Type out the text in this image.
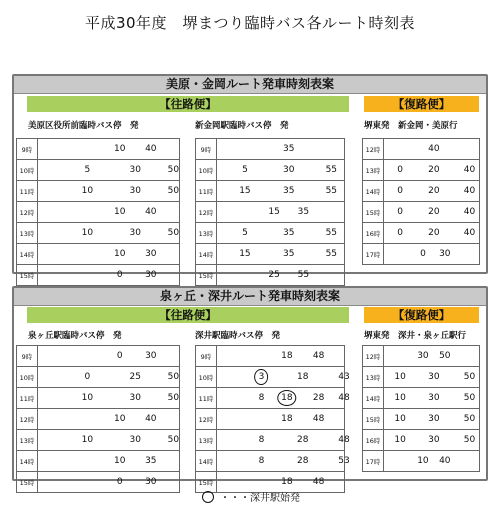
平成30年度　堺まつり臨時バス各ルート時刻表
美原・金岡ルート発車時刻表案
【往路便】	【復路便】
美原区役所前臨時バス停　発	新金岡駅臨時バス停　発	堺東発　新金岡・美原行
9時	10 40

10時	5 30 50

11時	10 30 50

12時	10 40

13時	10 30 50

14時	10 30

15時	0 30
9時	35

10時	5 30 55

11時	15 35 55

12時	15 35

13時	5 35 55

14時	15 35 55

15時	25 55
12時	40

13時	0 20 40

14時	0 20 40

15時	0 20 40

16時	0 20 40

17時	0 30
泉ヶ丘・深井ルート発車時刻表案
【往路便】	【復路便】
泉ヶ丘駅臨時バス停　発	深井駅臨時バス停　発	堺東発　深井・泉ヶ丘駅行
9時	0 30

10時	0 25 50

11時	10 30 50

12時	10 40

13時	10 30 50

14時	10 35

15時	0 30
9時	18 48

10時	3 18 43

11時	8 18 28 48

12時	18 48

13時	8 28 48

14時	8 28 53

15時	18 48
12時	30 50

13時	10 30 50

14時	10 30 50

15時	10 30 50

16時	10 30 50

17時	10 40
・・・深井駅始発
